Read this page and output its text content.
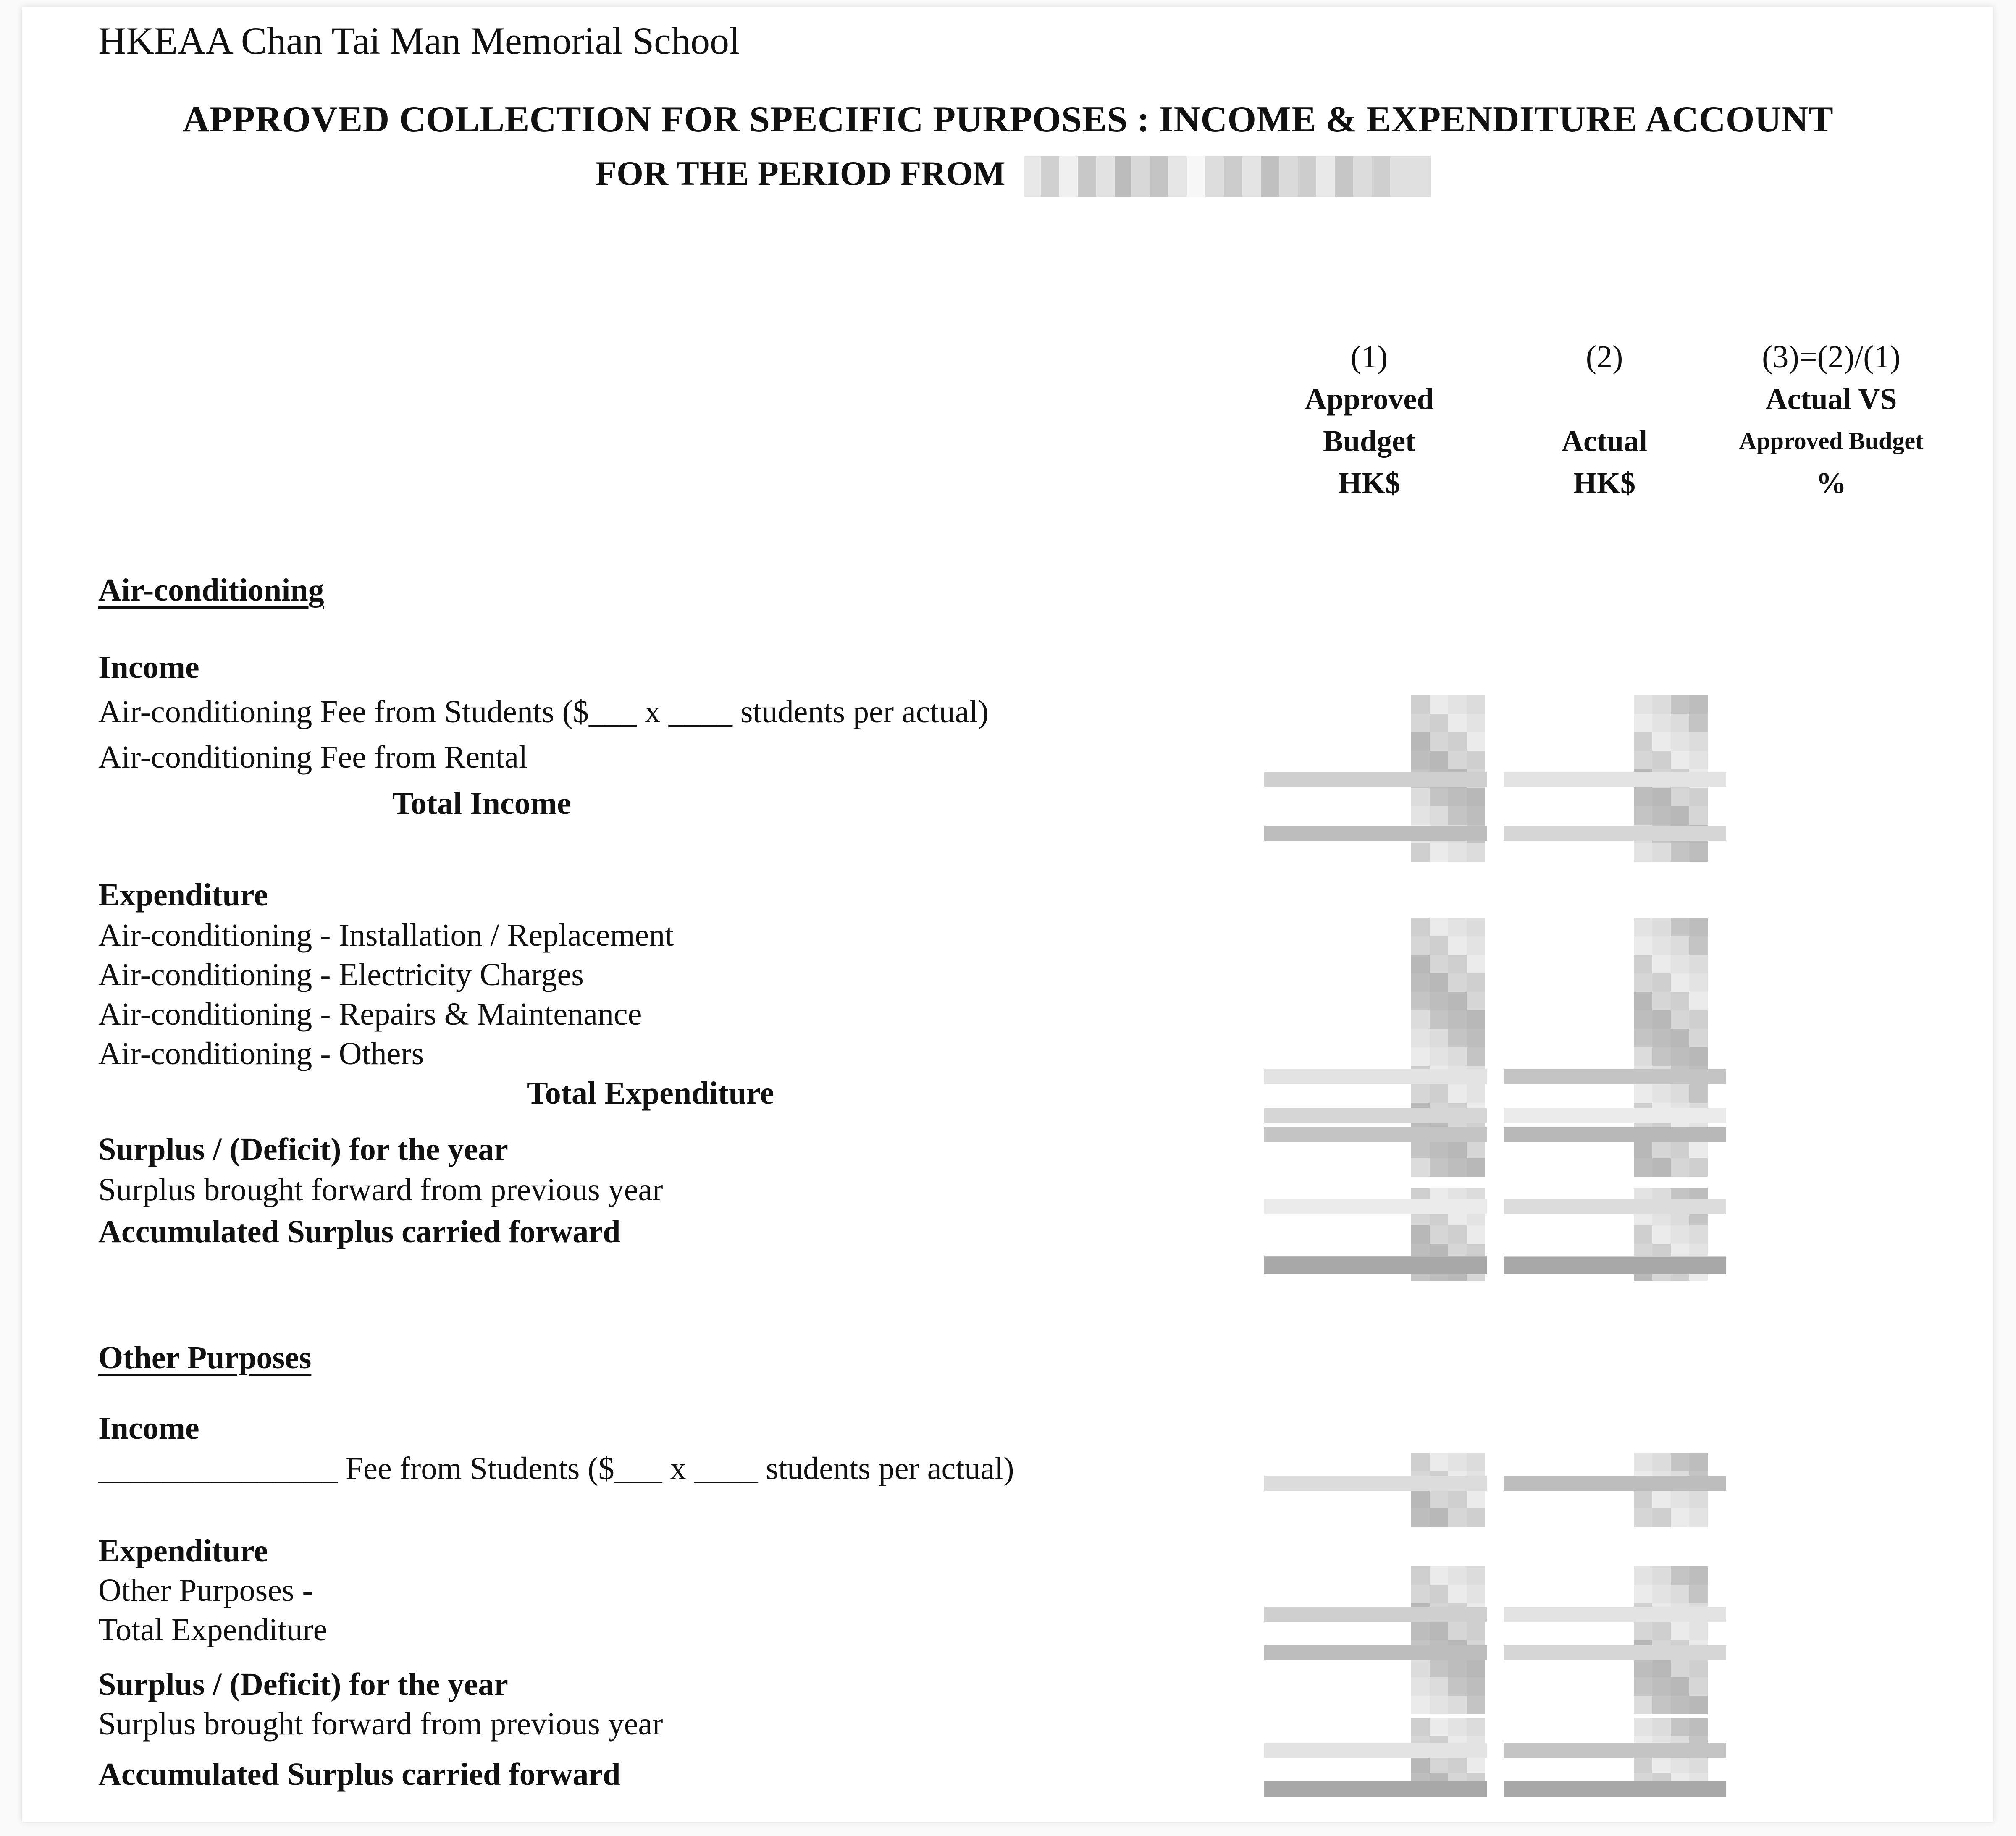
HKEAA Chan Tai Man Memorial School
APPROVED COLLECTION FOR SPECIFIC PURPOSES : INCOME & EXPENDITURE ACCOUNT
FOR THE PERIOD FROM
(1)
Approved
Budget
HK$
(2)

Actual
HK$
(3)=(2)/(1)
Actual VS
Approved Budget
%
Air-conditioning
Income
Air-conditioning Fee from Students ($___ x ____ students per actual)
Air-conditioning Fee from Rental
Total Income
Expenditure
Air-conditioning - Installation / Replacement
Air-conditioning - Electricity Charges
Air-conditioning - Repairs & Maintenance
Air-conditioning - Others
Total Expenditure
Surplus / (Deficit) for the year
Surplus brought forward from previous year
Accumulated Surplus carried forward
Other Purposes
Income
_______________ Fee from Students ($___ x ____ students per actual)
Expenditure
Other Purposes -
Total Expenditure
Surplus / (Deficit) for the year
Surplus brought forward from previous year
Accumulated Surplus carried forward
